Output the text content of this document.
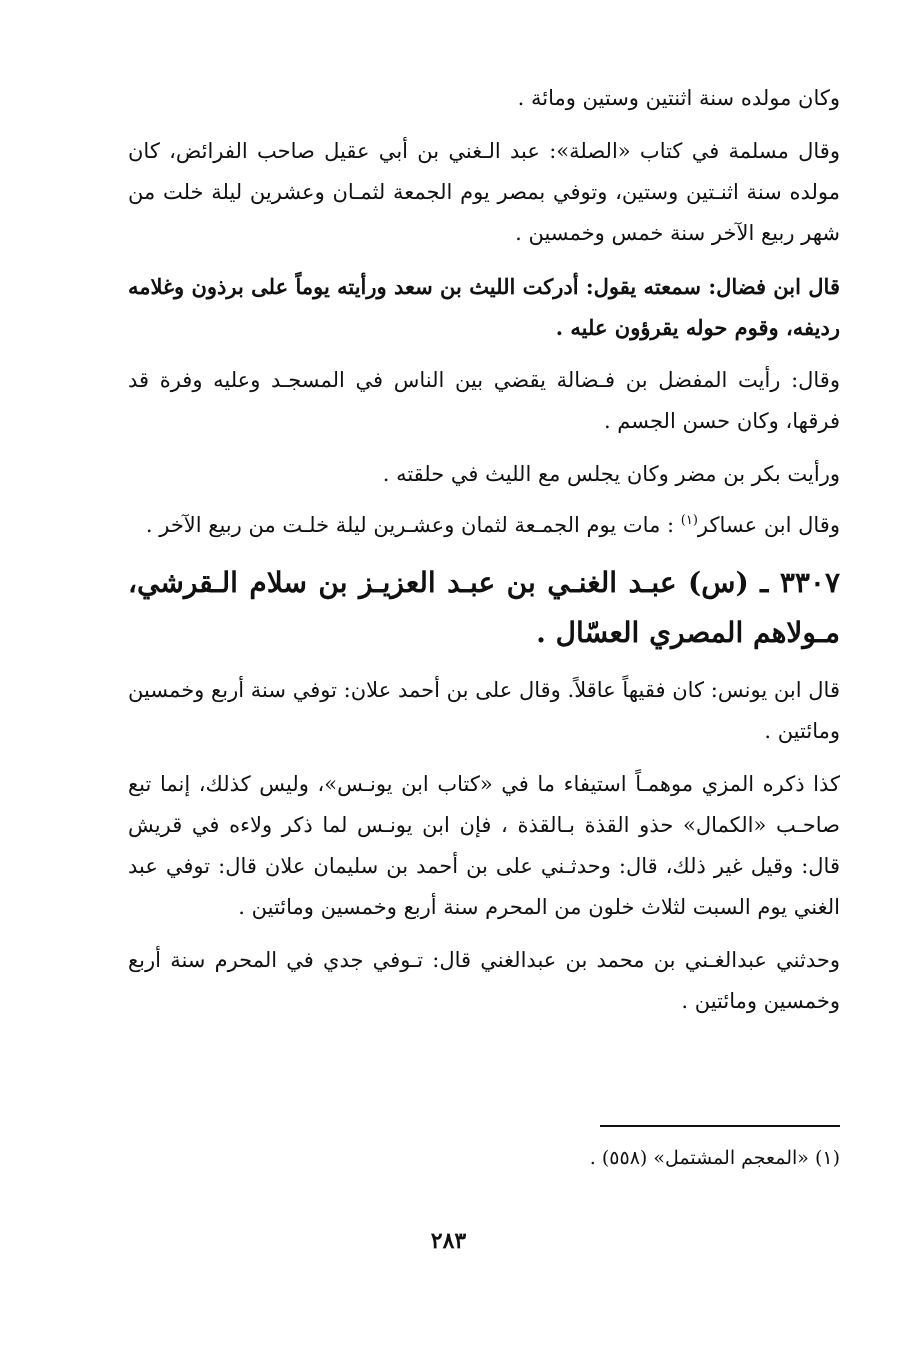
وكان مولده سنة اثنتين وستين ومائة .

وقال مسلمة في كتاب «الصلة»: عبد الـغني بن أبي عقيل صاحب الفرائض، كان مولده سنة اثنـتين وستين، وتوفي بمصر يوم الجمعة لثمـان وعشرين ليلة خلت من شهر ربيع الآخر سنة خمس وخمسين .

قال ابن فضال: سمعته يقول: أدركت الليث بن سعد ورأيته يوماً على برذون وغلامه رديفه، وقوم حوله يقرؤون عليه .

وقال: رأيت المفضل بن فـضالة يقضي بين الناس في المسجـد وعليه وفرة قد فرقها، وكان حسن الجسم .

ورأيت بكر بن مضر وكان يجلس مع الليث في حلقته .

وقال ابن عساكر$^{(١)}$ : مات يوم الجمـعة لثمان وعشـرين ليلة خلـت من ربيع الآخر .

٣٣٠٧ ـ (س) عبـد الغنـي بن عبـد العزيـز بن سلام الـقرشي، مـولاهم المصري العسّال .

قال ابن يونس: كان فقيهاً عاقلاً. وقال على بن أحمد علان: توفي سنة أربع وخمسين ومائتين .

كذا ذكره المزي موهمـاً استيفاء ما في «كتاب ابن يونـس»، وليس كذلك، إنما تبع صاحـب «الكمال» حذو القذة بـالقذة ، فإن ابن يونـس لما ذكر ولاءه في قريش قال: وقيل غير ذلك، قال: وحدثـني على بن أحمد بن سليمان علان قال: توفي عبد الغني يوم السبت لثلاث خلون من المحرم سنة أربع وخمسين ومائتين .

وحدثني عبدالغـني بن محمد بن عبدالغني قال: تـوفي جدي في المحرم سنة أربع وخمسين ومائتين .

(١) «المعجم المشتمل» (٥٥٨) .
٢٨٣
